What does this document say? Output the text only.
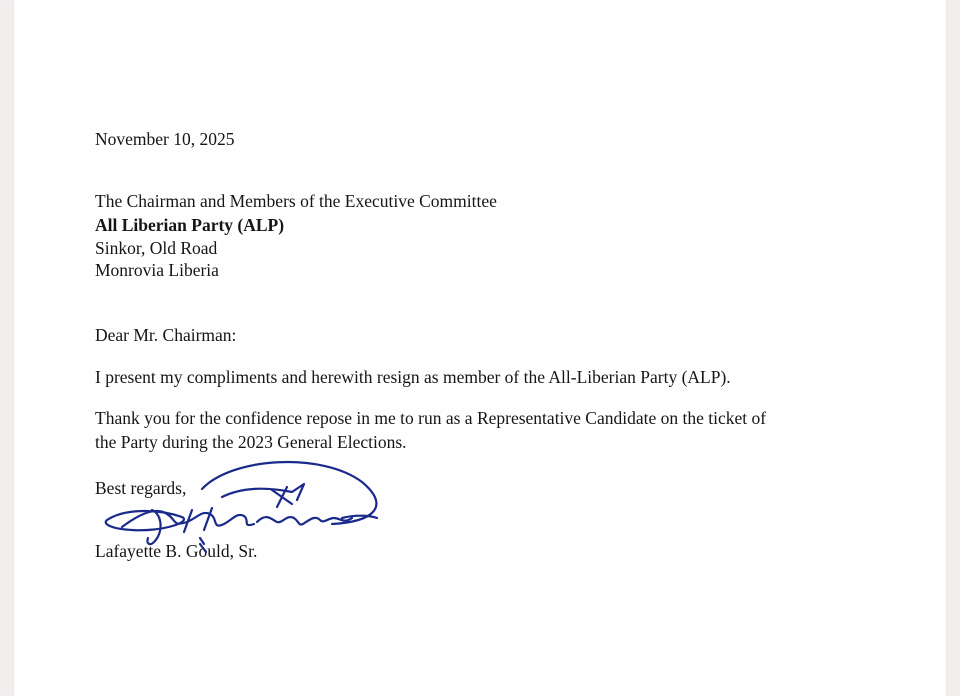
November 10, 2025
The Chairman and Members of the Executive Committee
All Liberian Party (ALP)
Sinkor, Old Road
Monrovia Liberia
Dear Mr. Chairman:
I present my compliments and herewith resign as member of the All-Liberian Party (ALP).
Thank you for the confidence repose in me to run as a Representative Candidate on the ticket of
the Party during the 2023 General Elections.
Best regards,
Lafayette B. Gould, Sr.
